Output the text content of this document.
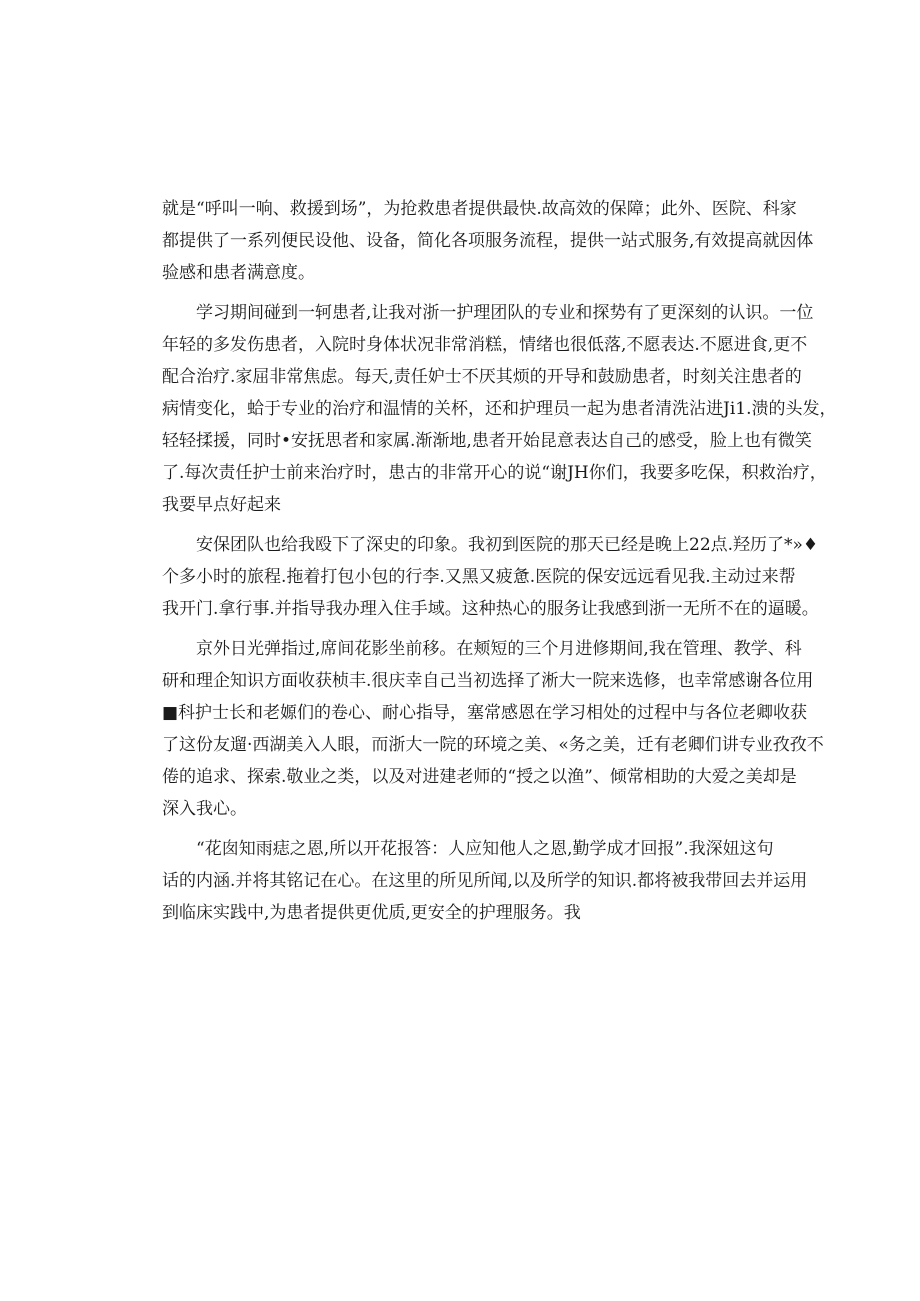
就是“呼叫一响、救援到场”，为抢救患者提供最快.故高效的保障；此外、医院、科家
都提供了一系列便民设他、设备，简化各项服务流程，提供一站式服务,有效提高就因体
验感和患者满意度。
　　学习期间碰到一轲患者,让我对浙一护理团队的专业和探势有了更深刻的认识。一位
年轻的多发伤患者，入院时身体状况非常消糕，情绪也很低落,不愿表达.不愿进食,更不
配合治疗.家屈非常焦虑。每天,责任妒士不厌其烦的开导和鼓励患者，时刻关注患者的
病情变化，蛤于专业的治疗和温情的关杯，还和护理员一起为患者清洗沾进Ji1.溃的头发，
轻轻揉援，同时•安抚思者和家属.渐渐地,患者开始昆意表达自己的感受，脸上也有微笑
了.每次责任护士前来治疗时，患古的非常开心的说“谢JH你们，我要多吃保，积救治疗，
我要早点好起来
　　安保团队也给我殴下了深史的印象。我初到医院的那天已经是晚上22点.羟历了*»♦
个多小时的旅程.拖着打包小包的行李.又黑又疲惫.医院的保安远远看见我.主动过来帮
我开门.拿行事.并指导我办理入住手域。这种热心的服务让我感到浙一无所不在的逼暖。
　　京外日光弹指过,席间花影坐前移。在颊短的三个月进修期间,我在管理、教学、科
研和理企知识方面收获桢丰.很庆幸自己当初选择了淅大一院来选修，也幸常感谢各位用
■科护士长和老嫄们的卷心、耐心指导，塞常感恩在学习相处的过程中与各位老卿收获
了这份友遛·西湖美入人眼，而浙大一院的环境之美、«务之美，迁有老卿们讲专业孜孜不
倦的追求、探索.敬业之类，以及对进建老师的“授之以渔”、倾常相助的大爱之美却是
深入我心。
　　“花囱知雨痣之恩,所以开花报答：人应知他人之恩,勤学成才回报”.我深妞这句
话的内涵.并将其铭记在心。在这里的所见所闻,以及所学的知识.都将被我带回去并运用
到临床实践中,为患者提供更优质,更安全的护理服务。我
